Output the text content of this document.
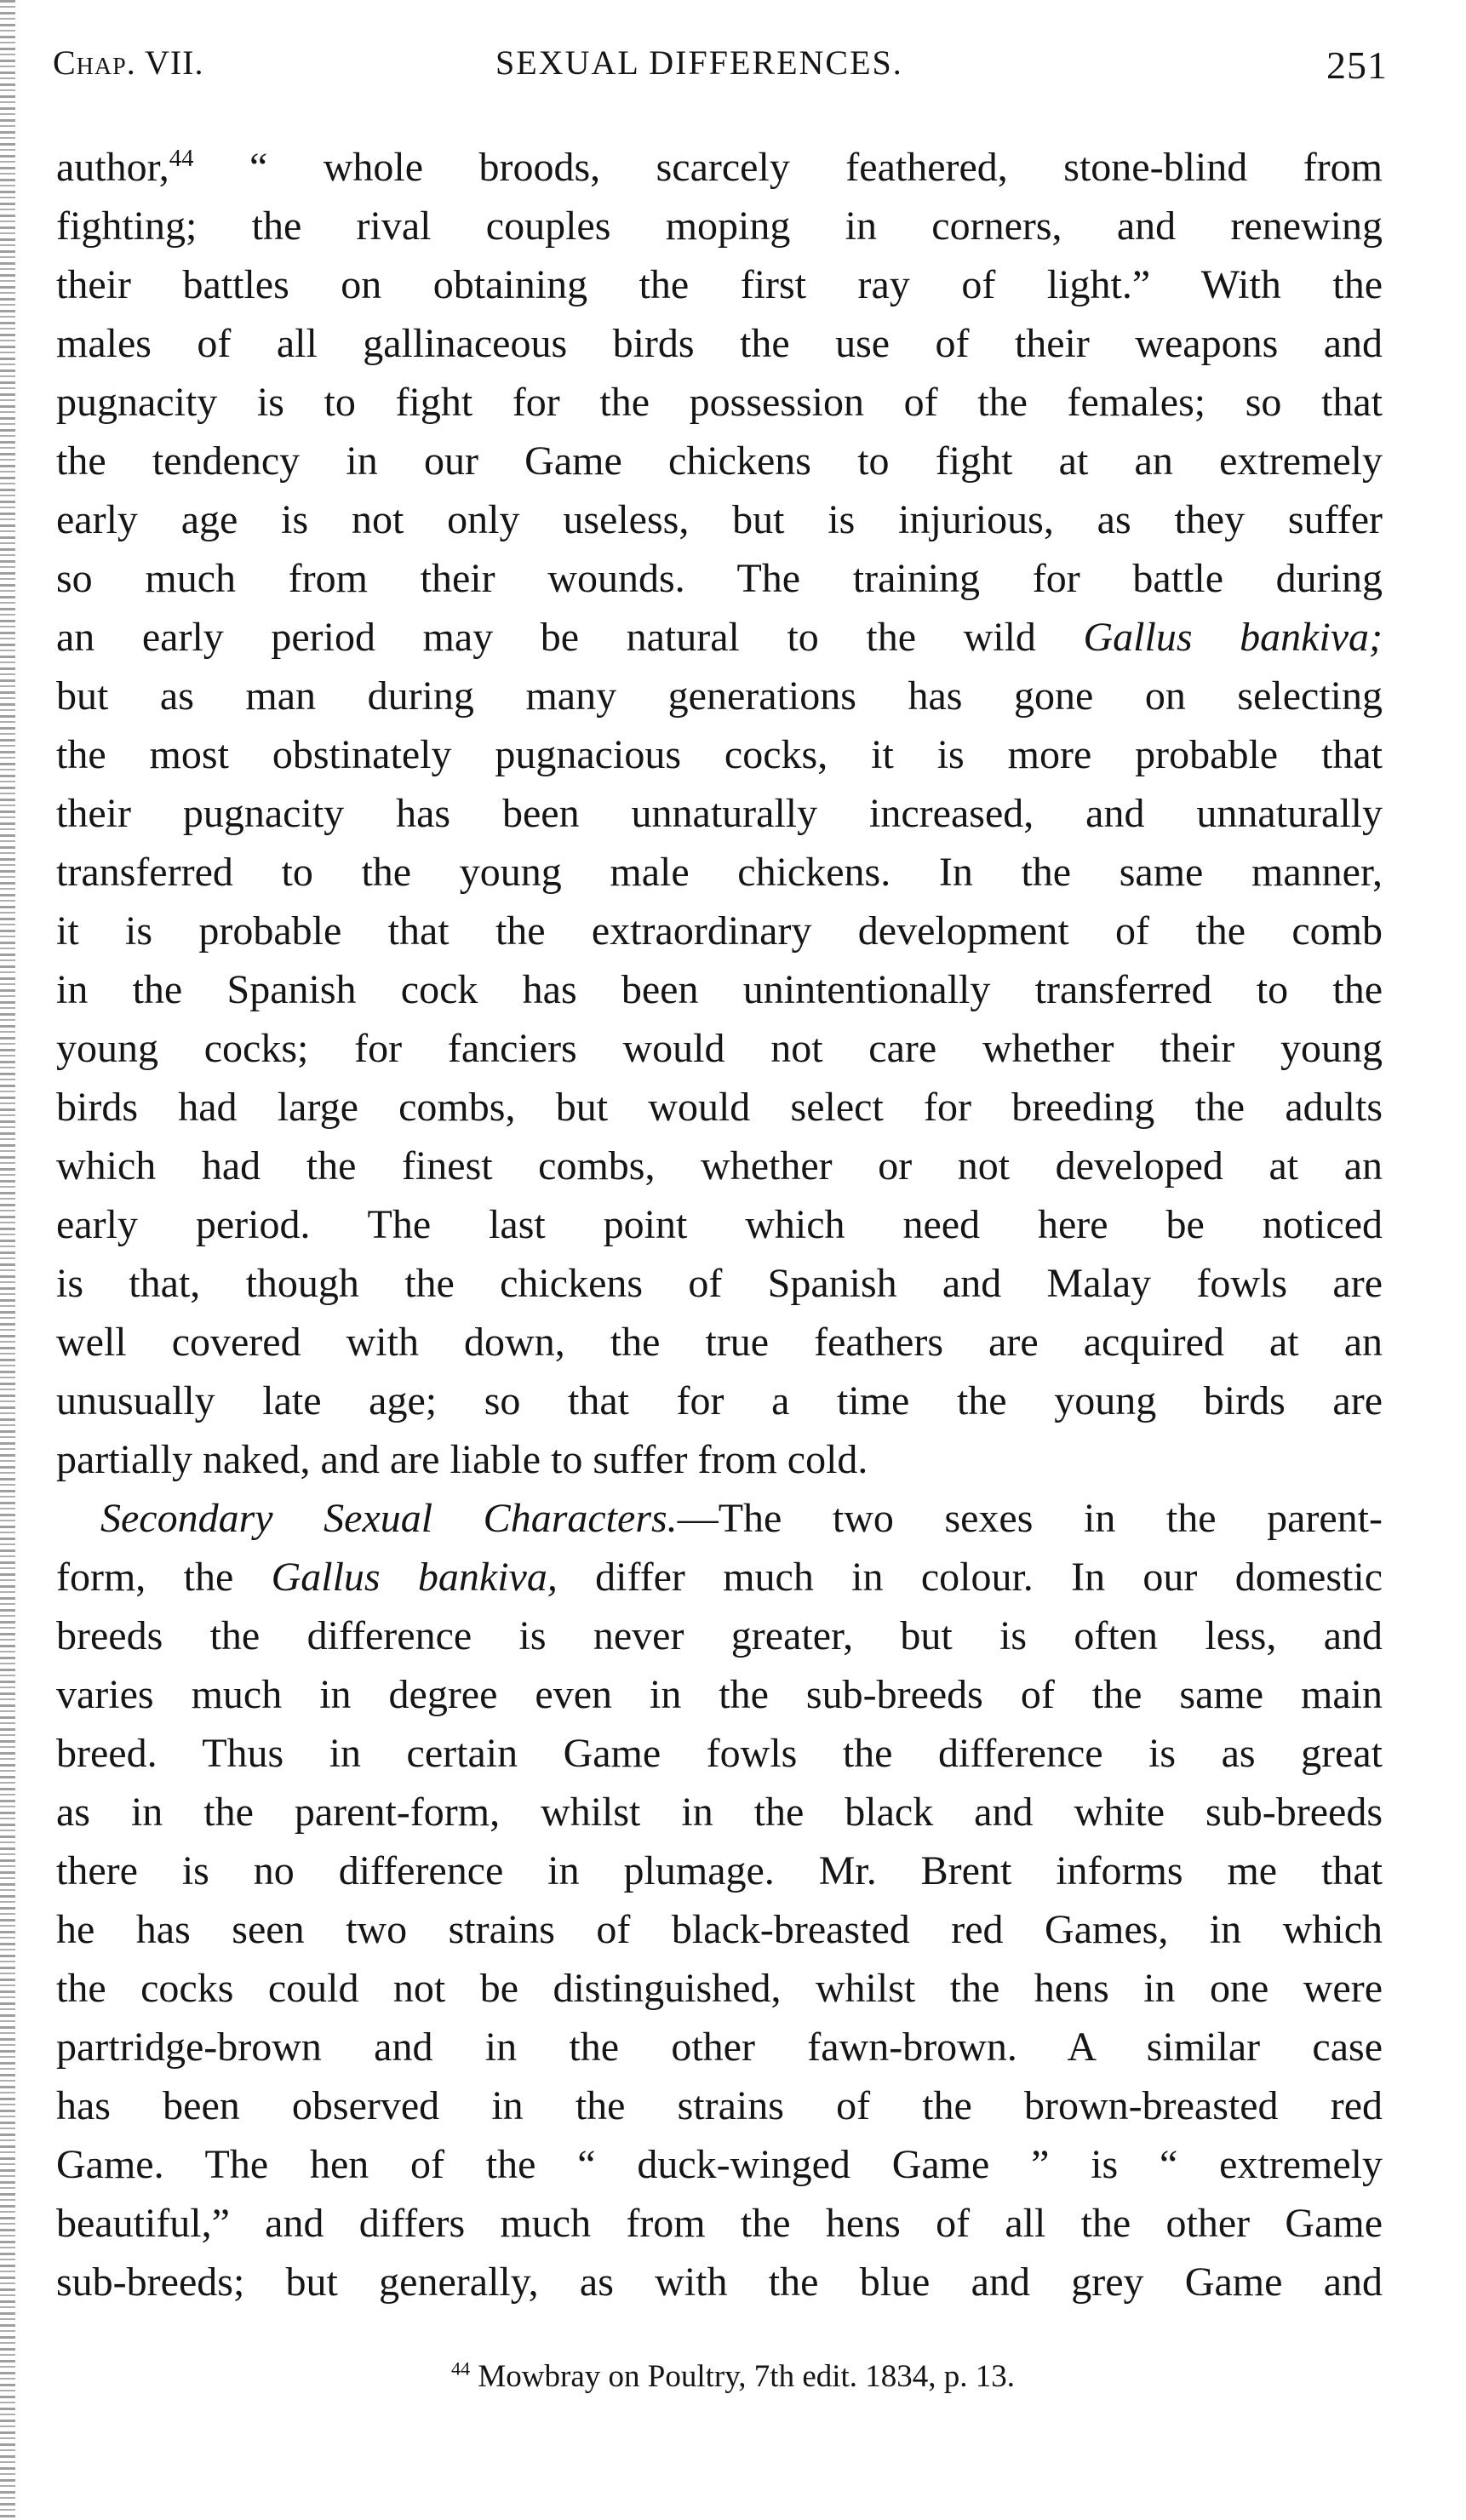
Chap. VII.	SEXUAL DIFFERENCES.	251
author,$^{44}$ “ whole broods, scarcely feathered, stone-blind from
fighting; the rival couples moping in corners, and renewing
their battles on obtaining the first ray of light.” With the
males of all gallinaceous birds the use of their weapons and
pugnacity is to fight for the possession of the females; so that
the tendency in our Game chickens to fight at an extremely
early age is not only useless, but is injurious, as they suffer
so much from their wounds. The training for battle during
an early period may be natural to the wild Gallus bankiva;
but as man during many generations has gone on selecting
the most obstinately pugnacious cocks, it is more probable that
their pugnacity has been unnaturally increased, and unnaturally
transferred to the young male chickens. In the same manner,
it is probable that the extraordinary development of the comb
in the Spanish cock has been unintentionally transferred to the
young cocks; for fanciers would not care whether their young
birds had large combs, but would select for breeding the adults
which had the finest combs, whether or not developed at an
early period. The last point which need here be noticed
is that, though the chickens of Spanish and Malay fowls are
well covered with down, the true feathers are acquired at an
unusually late age; so that for a time the young birds are
partially naked, and are liable to suffer from cold.
Secondary Sexual Characters.—The two sexes in the parent-
form, the Gallus bankiva, differ much in colour. In our domestic
breeds the difference is never greater, but is often less, and
varies much in degree even in the sub-breeds of the same main
breed. Thus in certain Game fowls the difference is as great
as in the parent-form, whilst in the black and white sub-breeds
there is no difference in plumage. Mr. Brent informs me that
he has seen two strains of black-breasted red Games, in which
the cocks could not be distinguished, whilst the hens in one were
partridge-brown and in the other fawn-brown. A similar case
has been observed in the strains of the brown-breasted red
Game. The hen of the “ duck-winged Game ” is “ extremely
beautiful,” and differs much from the hens of all the other Game
sub-breeds; but generally, as with the blue and grey Game and
$^{44}$ Mowbray on Poultry, 7th edit. 1834, p. 13.
